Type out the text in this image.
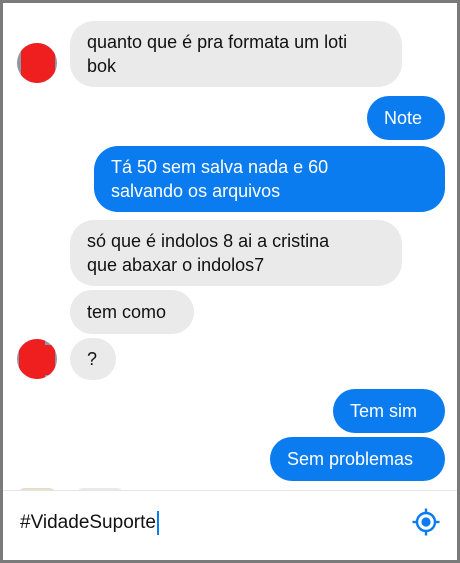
quanto que é pra formata um loti
bok
Note
Tá 50 sem salva nada e 60
salvando os arquivos
só que é indolos 8 ai a cristina
que abaxar o indolos7
tem como
?
Tem sim
Sem problemas
#VidadeSuporte
